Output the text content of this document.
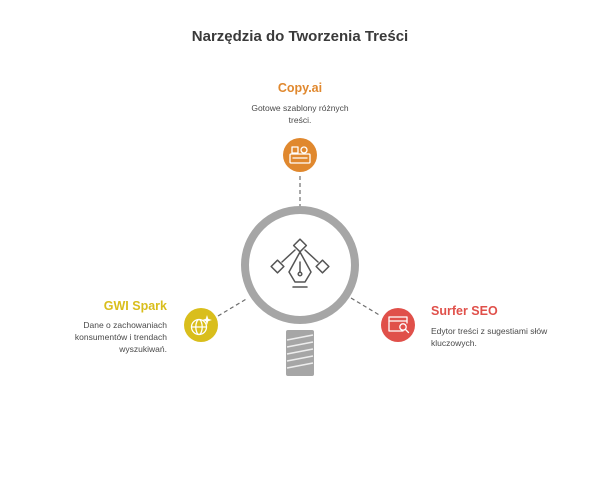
Narzędzia do Tworzenia Treści
Copy.ai
Gotowe szablony różnych
treści.
GWI Spark
Dane o zachowaniach
konsumentów i trendach
wyszukiwań.
Surfer SEO
Edytor treści z sugestiami słów
kluczowych.
